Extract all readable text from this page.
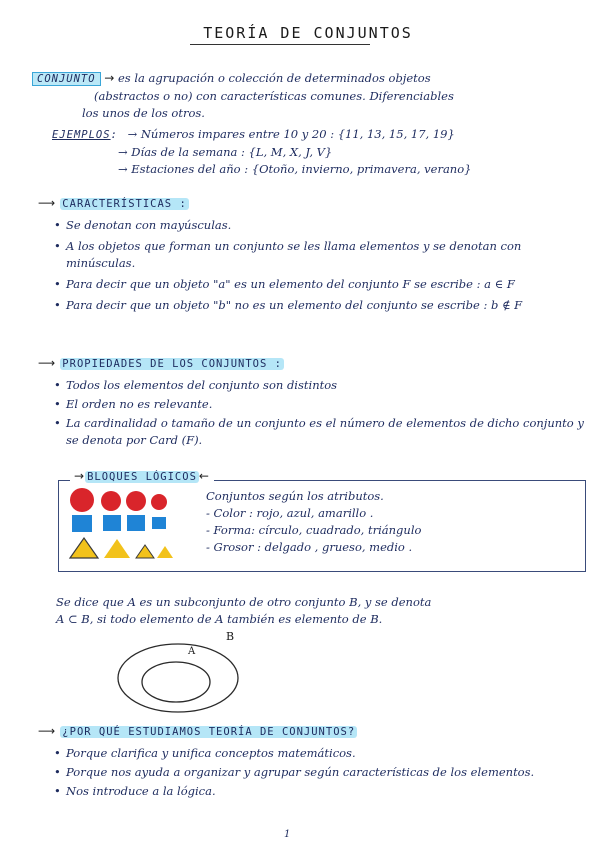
TEORÍA DE CONJUNTOS
CONJUNTO → es la agrupación o colección de determinados objetos
(abstractos o no) con características comunes. Diferenciables
los unos de los otros.
EJEMPLOS: → Números impares entre 10 y 20 : {11, 13, 15, 17, 19}
→ Días de la semana : {L, M, X, J, V}
→ Estaciones del año : {Otoño, invierno, primavera, verano}
⟶ CARACTERÍSTICAS :
• Se denotan con mayúsculas.
• A los objetos que forman un conjunto se les llama elementos y se denotan con minúsculas.
• Para decir que un objeto "a" es un elemento del conjunto F se escribe : a ∈ F
• Para decir que un objeto "b" no es un elemento del conjunto se escribe : b ∉ F
⟶ PROPIEDADES DE LOS CONJUNTOS :
• Todos los elementos del conjunto son distintos
• El orden no es relevante.
• La cardinalidad o tamaño de un conjunto es el número de elementos de dicho conjunto y se denota por Card (F).
→ BLOQUES LÓGICOS ←
Conjuntos según los atributos.
- Color : rojo, azul, amarillo .
- Forma: círculo, cuadrado, triángulo
- Grosor : delgado , grueso, medio .
Se dice que A es un subconjunto de otro conjunto B, y se denota
A ⊂ B, si todo elemento de A también es elemento de B.
B
A
⟶ ¿POR QUÉ ESTUDIAMOS TEORÍA DE CONJUNTOS?
• Porque clarifica y unifica conceptos matemáticos.
• Porque nos ayuda a organizar y agrupar según características de los elementos.
• Nos introduce a la lógica.
1
